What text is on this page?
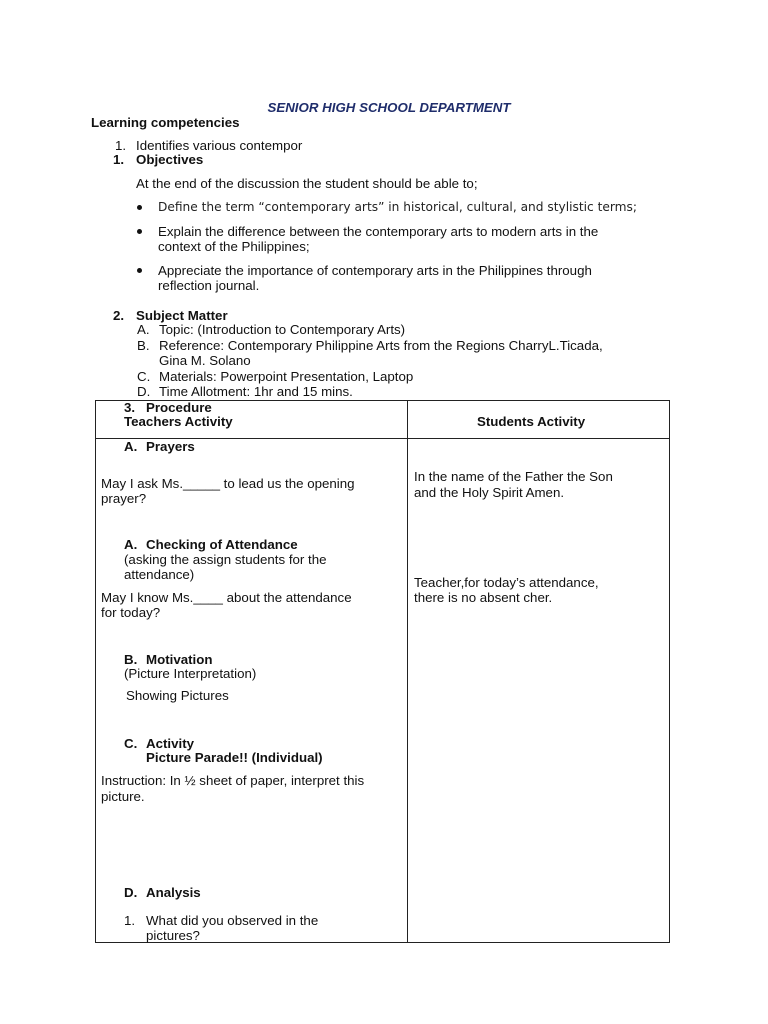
SENIOR HIGH SCHOOL DEPARTMENT
Learning competencies
1. Identifies various contempor
1. Objectives
At the end of the discussion the student should be able to;
Define the term “contemporary arts” in historical, cultural, and stylistic terms;
Explain the difference between the contemporary arts to modern arts in the
context of the Philippines;
Appreciate the importance of contemporary arts in the Philippines through
reflection journal.
2. Subject Matter
A. Topic: (Introduction to Contemporary Arts)
B. Reference: Contemporary Philippine Arts from the Regions CharryL.Ticada,
Gina M. Solano
C. Materials: Powerpoint Presentation, Laptop
D. Time Allotment: 1hr and 15 mins.
3. Procedure
Teachers Activity	Students Activity
A. Prayers
May I ask Ms._____ to lead us the opening
prayer?
In the name of the Father the Son
and the Holy Spirit Amen.
A. Checking of Attendance
(asking the assign students for the
attendance)
May I know Ms.____ about the attendance
for today?
Teacher,for today’s attendance,
there is no absent cher.
B. Motivation
(Picture Interpretation)
Showing Pictures
C. Activity
Picture Parade!! (Individual)
Instruction: In ½ sheet of paper, interpret this
picture.
D. Analysis
1. What did you observed in the
pictures?
